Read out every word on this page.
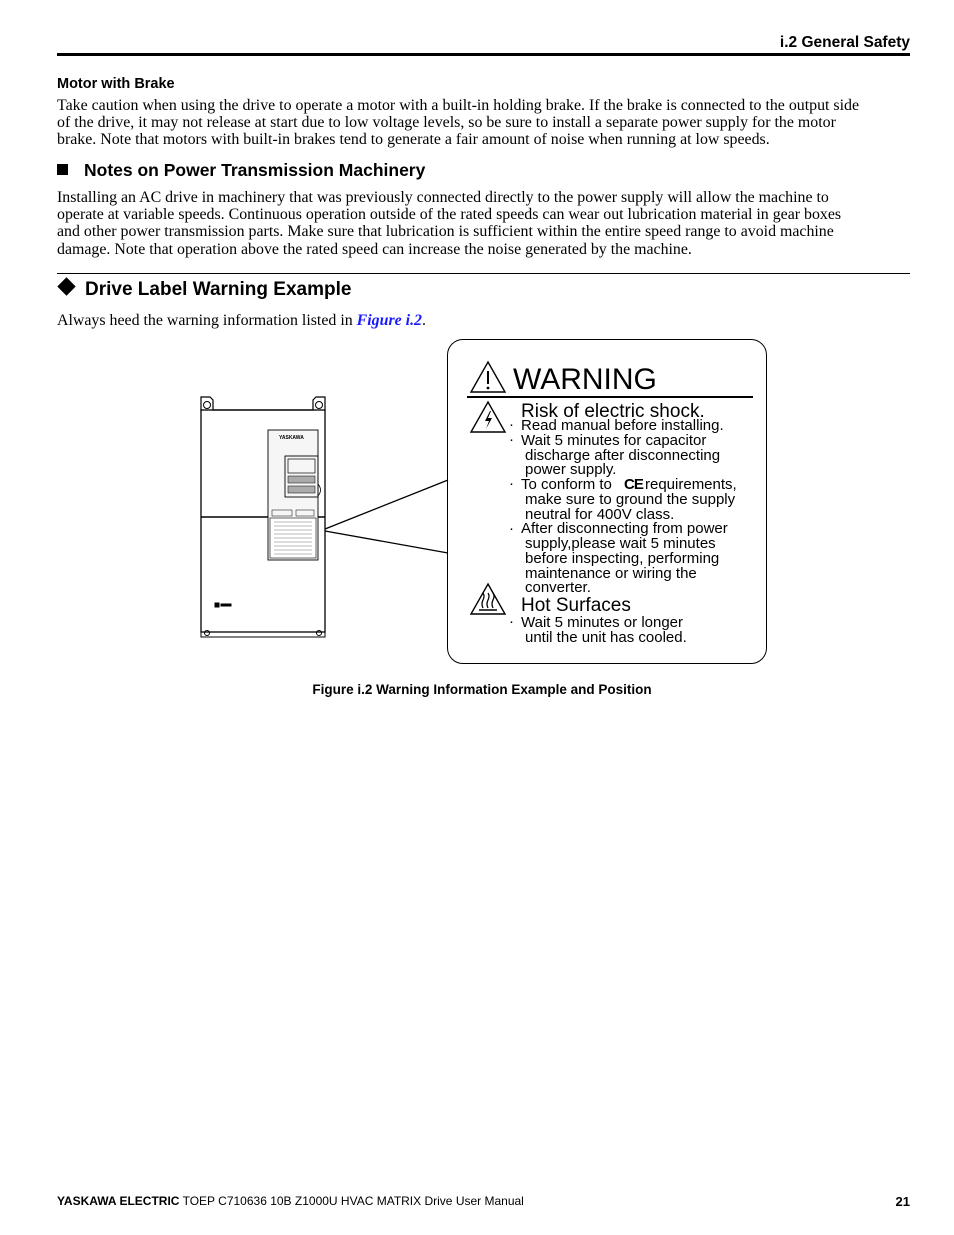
i.2 General Safety
Motor with Brake
Take caution when using the drive to operate a motor with a built-in holding brake. If the brake is connected to the output side
of the drive, it may not release at start due to low voltage levels, so be sure to install a separate power supply for the motor
brake. Note that motors with built-in brakes tend to generate a fair amount of noise when running at low speeds.
Notes on Power Transmission Machinery
Installing an AC drive in machinery that was previously connected directly to the power supply will allow the machine to
operate at variable speeds. Continuous operation outside of the rated speeds can wear out lubrication material in gear boxes
and other power transmission parts. Make sure that lubrication is sufficient within the entire speed range to avoid machine
damage. Note that operation above the rated speed can increase the noise generated by the machine.
Drive Label Warning Example
Always heed the warning information listed in Figure i.2.
YASKAWA
WARNING
Risk of electric shock.
·
·
·
·
·
Read manual before installing.
Wait 5 minutes for capacitor
discharge after disconnecting
power supply.
To conform to CE requirements,
make sure to ground the supply
neutral for 400V class.
After disconnecting from power
supply,please wait 5 minutes
before inspecting, performing
maintenance or wiring the
converter.
Hot Surfaces
Wait 5 minutes or longer
until the unit has cooled.
Figure i.2 Warning Information Example and Position
YASKAWA ELECTRIC TOEP C710636 10B Z1000U HVAC MATRIX Drive User Manual	21
